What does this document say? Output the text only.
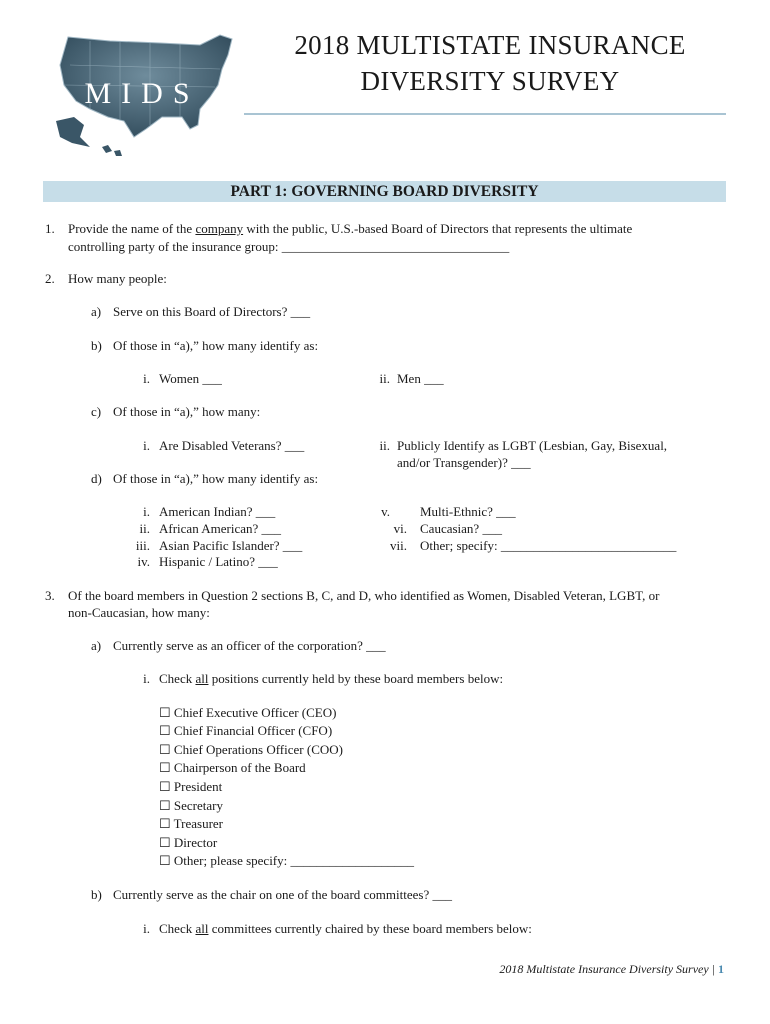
MIDS
2018 MULTISTATE INSURANCE
DIVERSITY SURVEY
PART 1: GOVERNING BOARD DIVERSITY
1. Provide the name of the company with the public, U.S.-based Board of Directors that represents the ultimate
controlling party of the insurance group: ___________________________________
2. How many people:
a) Serve on this Board of Directors? ___
b) Of those in “a),” how many identify as:
i. Women ___	ii. Men ___
c) Of those in “a),” how many:
i. Are Disabled Veterans? ___	ii. Publicly Identify as LGBT (Lesbian, Gay, Bisexual,
and/or Transgender)? ___
d) Of those in “a),” how many identify as:
i. American Indian? ___
ii. African American? ___
iii. Asian Pacific Islander? ___
iv. Hispanic / Latino? ___
v. Multi-Ethnic? ___
vi. Caucasian? ___
vii. Other; specify: ___________________________
3. Of the board members in Question 2 sections B, C, and D, who identified as Women, Disabled Veteran, LGBT, or
non-Caucasian, how many:
a) Currently serve as an officer of the corporation? ___
i. Check all positions currently held by these board members below:
☐ Chief Executive Officer (CEO)
☐ Chief Financial Officer (CFO)
☐ Chief Operations Officer (COO)
☐ Chairperson of the Board
☐ President
☐ Secretary
☐ Treasurer
☐ Director
☐ Other; please specify: ___________________
b) Currently serve as the chair on one of the board committees? ___
i. Check all committees currently chaired by these board members below:
2018 Multistate Insurance Diversity Survey | 1
